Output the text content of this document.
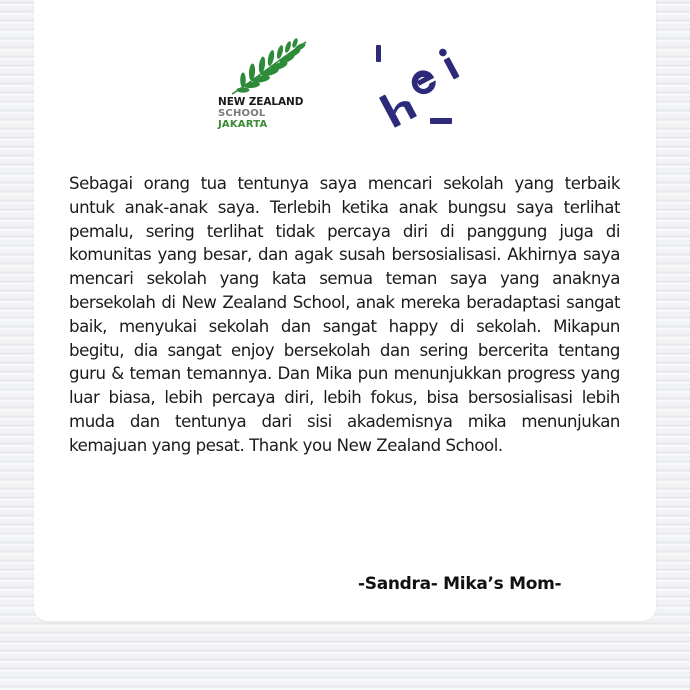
NEW ZEALAND
SCHOOL
JAKARTA

Sebagai orang tua tentunya saya mencari sekolah yang terbaik untuk anak-anak saya. Terlebih ketika anak bungsu saya terlihat pemalu, sering terlihat tidak percaya diri di panggung juga di komunitas yang besar, dan agak susah bersosialisasi. Akhirnya saya mencari sekolah yang kata semua teman saya yang anaknya bersekolah di New Zealand School, anak mereka beradaptasi sangat baik, menyukai sekolah dan sangat happy di sekolah. Mikapun begitu, dia sangat enjoy bersekolah dan sering bercerita tentang guru & teman temannya. Dan Mika pun menunjukkan progress yang luar biasa, lebih percaya diri, lebih fokus, bisa bersosialisasi lebih muda dan tentunya dari sisi akademisnya mika menunjukan kemajuan yang pesat. Thank you New Zealand School.

-Sandra- Mika’s Mom-
